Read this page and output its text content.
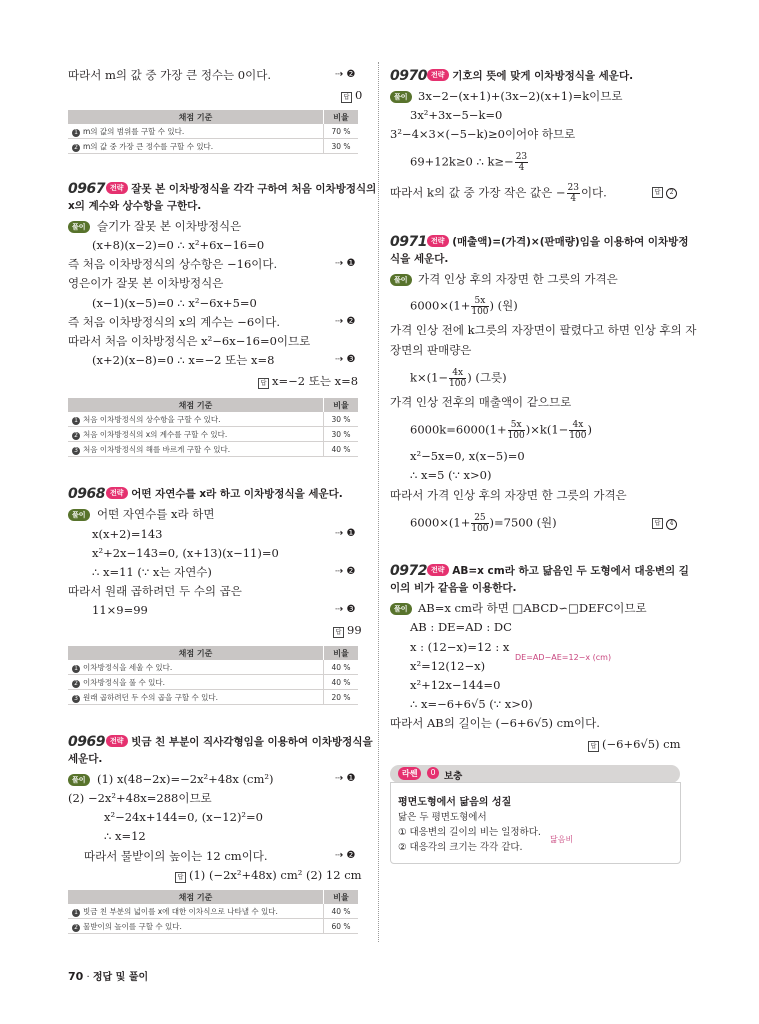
따라서 m의 값 중 가장 큰 정수는 0이다.	⇢ ❷
답 0
채점 기준	비율
1 m의 값의 범위를 구할 수 있다.	70 %
2 m의 값 중 가장 큰 정수를 구할 수 있다.	30 %
0967 전략 잘못 본 이차방정식을 각각 구하여 처음 이차방정식의
x의 계수와 상수항을 구한다.
풀이 슬기가 잘못 본 이차방정식은
(x+8)(x−2)=0 ∴ x²+6x−16=0
즉 처음 이차방정식의 상수항은 −16이다.	⇢ ❶
영은이가 잘못 본 이차방정식은
(x−1)(x−5)=0 ∴ x²−6x+5=0
즉 처음 이차방정식의 x의 계수는 −6이다.	⇢ ❷
따라서 처음 이차방정식은 x²−6x−16=0이므로
(x+2)(x−8)=0 ∴ x=−2 또는 x=8	⇢ ❸
답 x=−2 또는 x=8
채점 기준	비율
1 처음 이차방정식의 상수항을 구할 수 있다.	30 %
2 처음 이차방정식의 x의 계수를 구할 수 있다.	30 %
3 처음 이차방정식의 해를 바르게 구할 수 있다.	40 %
0968 전략 어떤 자연수를 x라 하고 이차방정식을 세운다.
풀이 어떤 자연수를 x라 하면
x(x+2)=143	⇢ ❶
x²+2x−143=0, (x+13)(x−11)=0
∴ x=11 (∵ x는 자연수)	⇢ ❷
따라서 원래 곱하려던 두 수의 곱은
11×9=99	⇢ ❸
답 99
채점 기준	비율
1 이차방정식을 세울 수 있다.	40 %
2 이차방정식을 풀 수 있다.	40 %
3 원래 곱하려던 두 수의 곱을 구할 수 있다.	20 %
0969 전략 빗금 친 부분이 직사각형임을 이용하여 이차방정식을
세운다.
풀이 (1) x(48−2x)=−2x²+48x (cm²)	⇢ ❶
(2) −2x²+48x=288이므로
x²−24x+144=0, (x−12)²=0
∴ x=12
따라서 물받이의 높이는 12 cm이다.	⇢ ❷
답 (1) (−2x²+48x) cm² (2) 12 cm
채점 기준	비율
1 빗금 친 부분의 넓이를 x에 대한 이차식으로 나타낼 수 있다.	40 %
2 물받이의 높이를 구할 수 있다.	60 %
0970 전략 기호의 뜻에 맞게 이차방정식을 세운다.
풀이 3x−2−(x+1)+(3x−2)(x+1)=k이므로
3x²+3x−5−k=0
3²−4×3×(−5−k)≥0이어야 하므로
69+12k≥0 ∴ $k\ge- \frac{23}{4}$
따라서 k의 값 중 가장 작은 값은 − $\frac{23}{4}$ 이다.	답 2
0971 전략 (매출액)=(가격)×(판매량)임을 이용하여 이차방정
식을 세운다.
풀이 가격 인상 후의 자장면 한 그릇의 가격은
$6000\times(1+ \frac{5x}{100}$ ) (원)
가격 인상 전에 k그릇의 자장면이 팔렸다고 하면 인상 후의 자
장면의 판매량은
$k\times(1- \frac{4x}{100}$ ) (그릇)
가격 인상 전후의 매출액이 같으므로
$6000k=6000(1+ \frac{5x}{100} )\times k(1- \frac{4x}{100}$ )
x²−5x=0, x(x−5)=0
∴ x=5 (∵ x>0)
따라서 가격 인상 후의 자장면 한 그릇의 가격은
$6000\times(1+ \frac{25}{100} )=7500$ (원)	답 4
0972 전략 AB=x cm라 하고 닮음인 두 도형에서 대응변의 길
이의 비가 같음을 이용한다.
풀이 AB=x cm라 하면 □ABCD∽□DEFC이므로
AB : DE=AD : DC
x : (12−x)=12 : x
DE=AD−AE=12−x (cm)
x²=12(12−x)
x²+12x−144=0
∴ x=−6+6√5 (∵ x>0)
따라서 AB의 길이는 (−6+6√5) cm이다.
답 (−6+6√5) cm
라쎈	0 보충
평면도형에서 닮음의 성질
닮은 두 평면도형에서
① 대응변의 길이의 비는 일정하다.
② 대응각의 크기는 각각 같다.
닮음비
70 · 정답 및 풀이
